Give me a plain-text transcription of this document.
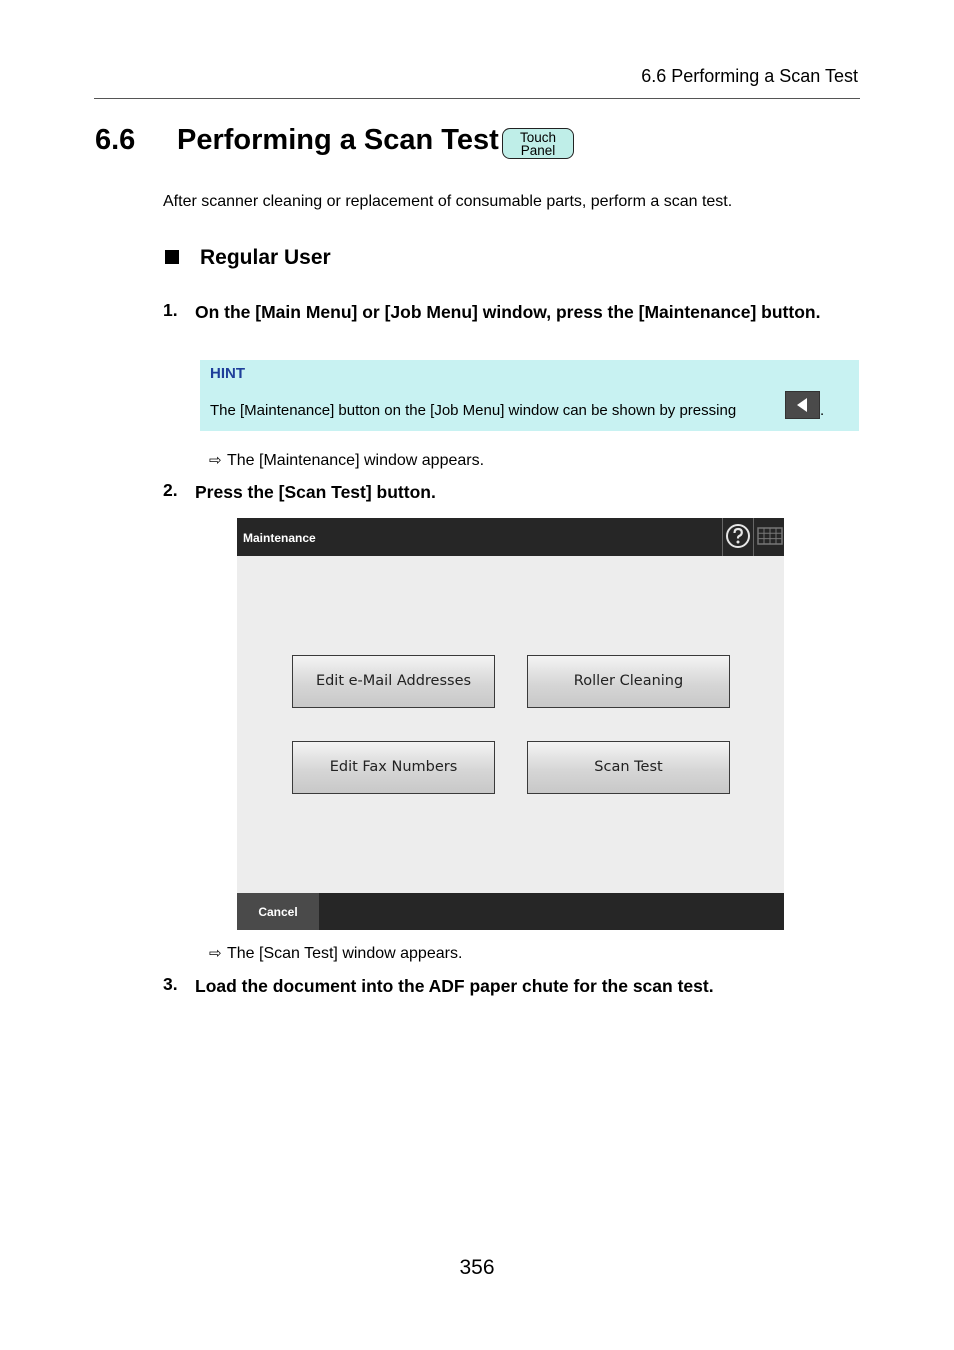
6.6 Performing a Scan Test
6.6 Performing a Scan Test	Touch
Panel
After scanner cleaning or replacement of consumable parts, perform a scan test.
Regular User
1. On the [Main Menu] or [Job Menu] window, press the [Maintenance] button.
HINT
The [Maintenance] button on the [Job Menu] window can be shown by pressing	.
⇨ The [Maintenance] window appears.
2. Press the [Scan Test] button.
Maintenance
Edit e-Mail Addresses	Roller Cleaning
Edit Fax Numbers	Scan Test
Cancel
⇨ The [Scan Test] window appears.
3. Load the document into the ADF paper chute for the scan test.
356
